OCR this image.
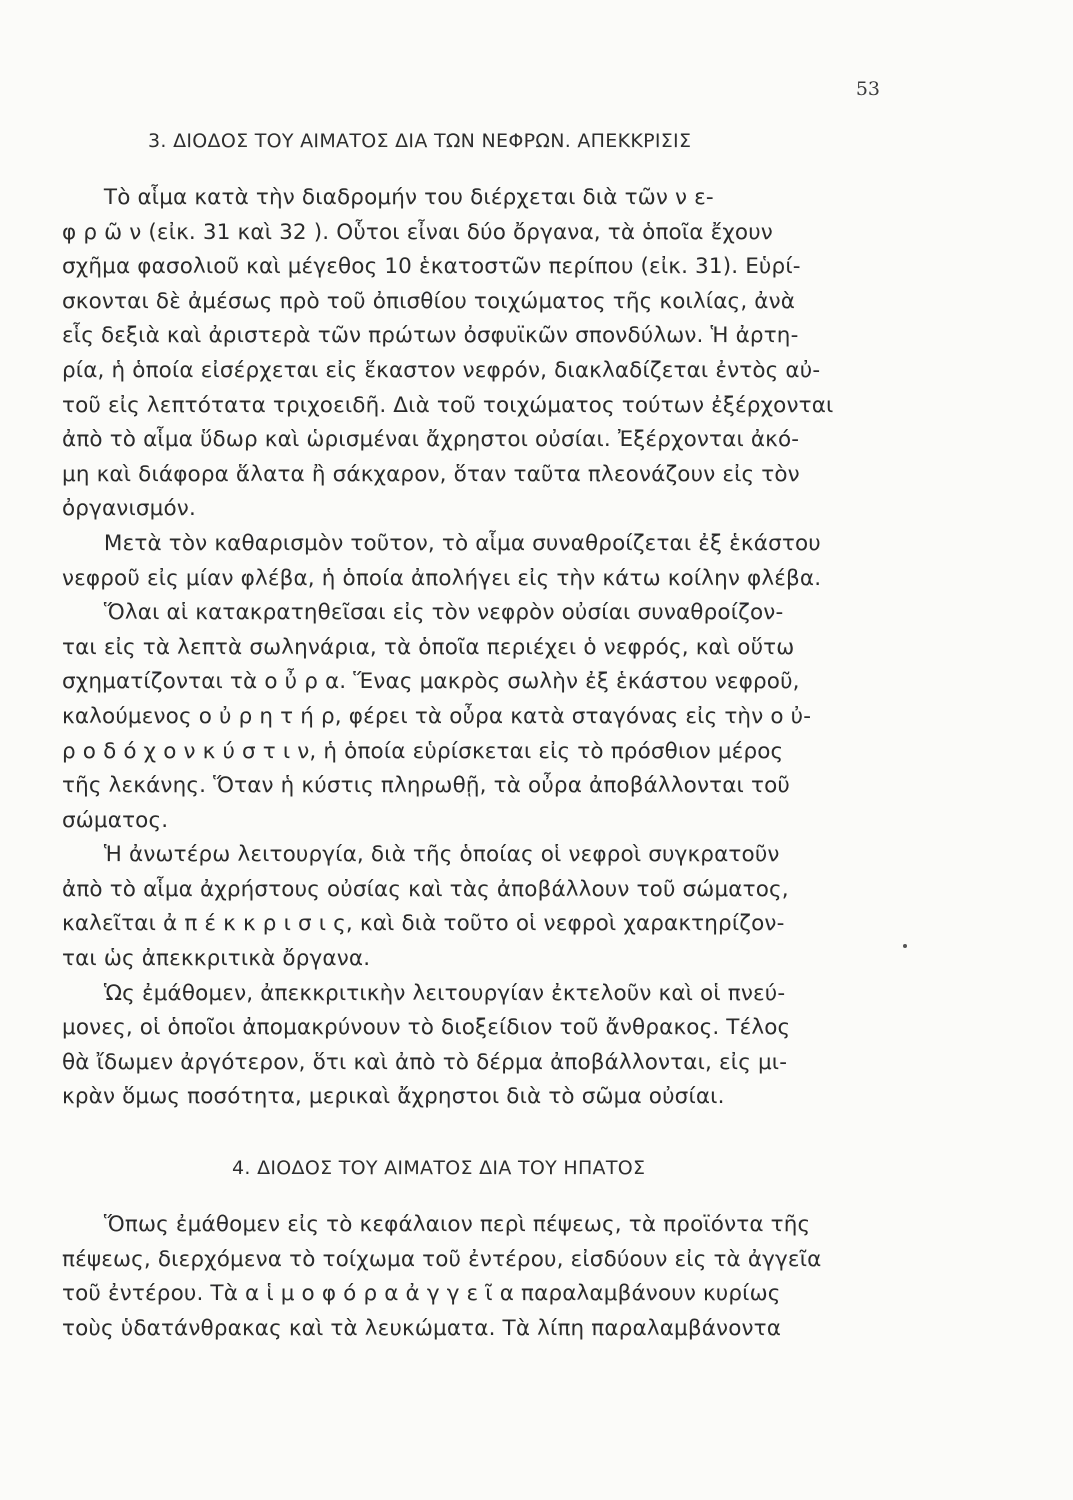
53
3. ΔΙΟΔΟΣ ΤΟΥ ΑΙΜΑΤΟΣ ΔΙΑ ΤΩΝ ΝΕΦΡΩΝ. ΑΠΕΚΚΡΙΣΙΣ
Τὸ αἷμα κατὰ τὴν διαδρομήν του διέρχεται διὰ τῶν ν ε-
φ ρ ῶ ν (εἰκ. 31 καὶ 32 ). Οὗτοι εἶναι δύο ὄργανα, τὰ ὁποῖα ἔχουν
σχῆμα φασολιοῦ καὶ μέγεθος 10 ἑκατοστῶν περίπου (εἰκ. 31). Εὑρί-
σκονται δὲ ἀμέσως πρὸ τοῦ ὀπισθίου τοιχώματος τῆς κοιλίας, ἀνὰ
εἷς δεξιὰ καὶ ἀριστερὰ τῶν πρώτων ὀσφυϊκῶν σπονδύλων. Ἡ ἀρτη-
ρία, ἡ ὁποία εἰσέρχεται εἰς ἕκαστον νεφρόν, διακλαδίζεται ἐντὸς αὐ-
τοῦ εἰς λεπτότατα τριχοειδῆ. Διὰ τοῦ τοιχώματος τούτων ἐξέρχονται
ἀπὸ τὸ αἷμα ὕδωρ καὶ ὡρισμέναι ἄχρηστοι οὐσίαι. Ἐξέρχονται ἀκό-
μη καὶ διάφορα ἅλατα ἢ σάκχαρον, ὅταν ταῦτα πλεονάζουν εἰς τὸν
ὀργανισμόν.
Μετὰ τὸν καθαρισμὸν τοῦτον, τὸ αἷμα συναθροίζεται ἐξ ἑκάστου
νεφροῦ εἰς μίαν φλέβα, ἡ ὁποία ἀπολήγει εἰς τὴν κάτω κοίλην φλέβα.
Ὅλαι αἱ κατακρατηθεῖσαι εἰς τὸν νεφρὸν οὐσίαι συναθροίζον-
ται εἰς τὰ λεπτὰ σωληνάρια, τὰ ὁποῖα περιέχει ὁ νεφρός, καὶ οὕτω
σχηματίζονται τὰ ο ὖ ρ α. Ἕνας μακρὸς σωλὴν ἐξ ἑκάστου νεφροῦ,
καλούμενος ο ὐ ρ η τ ή ρ, φέρει τὰ οὖρα κατὰ σταγόνας εἰς τὴν ο ὐ-
ρ ο δ ό χ ο ν κ ύ σ τ ι ν, ἡ ὁποία εὑρίσκεται εἰς τὸ πρόσθιον μέρος
τῆς λεκάνης. Ὅταν ἡ κύστις πληρωθῇ, τὰ οὖρα ἀποβάλλονται τοῦ
σώματος.
Ἡ ἀνωτέρω λειτουργία, διὰ τῆς ὁποίας οἱ νεφροὶ συγκρατοῦν
ἀπὸ τὸ αἷμα ἀχρήστους οὐσίας καὶ τὰς ἀποβάλλουν τοῦ σώματος,
καλεῖται ἀ π έ κ κ ρ ι σ ι ς, καὶ διὰ τοῦτο οἱ νεφροὶ χαρακτηρίζον-
ται ὡς ἀπεκκριτικὰ ὄργανα.
Ὡς ἐμάθομεν, ἀπεκκριτικὴν λειτουργίαν ἐκτελοῦν καὶ οἱ πνεύ-
μονες, οἱ ὁποῖοι ἀπομακρύνουν τὸ διοξείδιον τοῦ ἄνθρακος. Τέλος
θὰ ἴδωμεν ἀργότερον, ὅτι καὶ ἀπὸ τὸ δέρμα ἀποβάλλονται, εἰς μι-
κρὰν ὅμως ποσότητα, μερικαὶ ἄχρηστοι διὰ τὸ σῶμα οὐσίαι.
4. ΔΙΟΔΟΣ ΤΟΥ ΑΙΜΑΤΟΣ ΔΙΑ ΤΟΥ ΗΠΑΤΟΣ
Ὅπως ἐμάθομεν εἰς τὸ κεφάλαιον περὶ πέψεως, τὰ προϊόντα τῆς
πέψεως, διερχόμενα τὸ τοίχωμα τοῦ ἐντέρου, εἰσδύουν εἰς τὰ ἀγγεῖα
τοῦ ἐντέρου. Τὰ α ἱ μ ο φ ό ρ α ἀ γ γ ε ῖ α παραλαμβάνουν κυρίως
τοὺς ὑδατάνθρακας καὶ τὰ λευκώματα. Τὰ λίπη παραλαμβάνοντα
